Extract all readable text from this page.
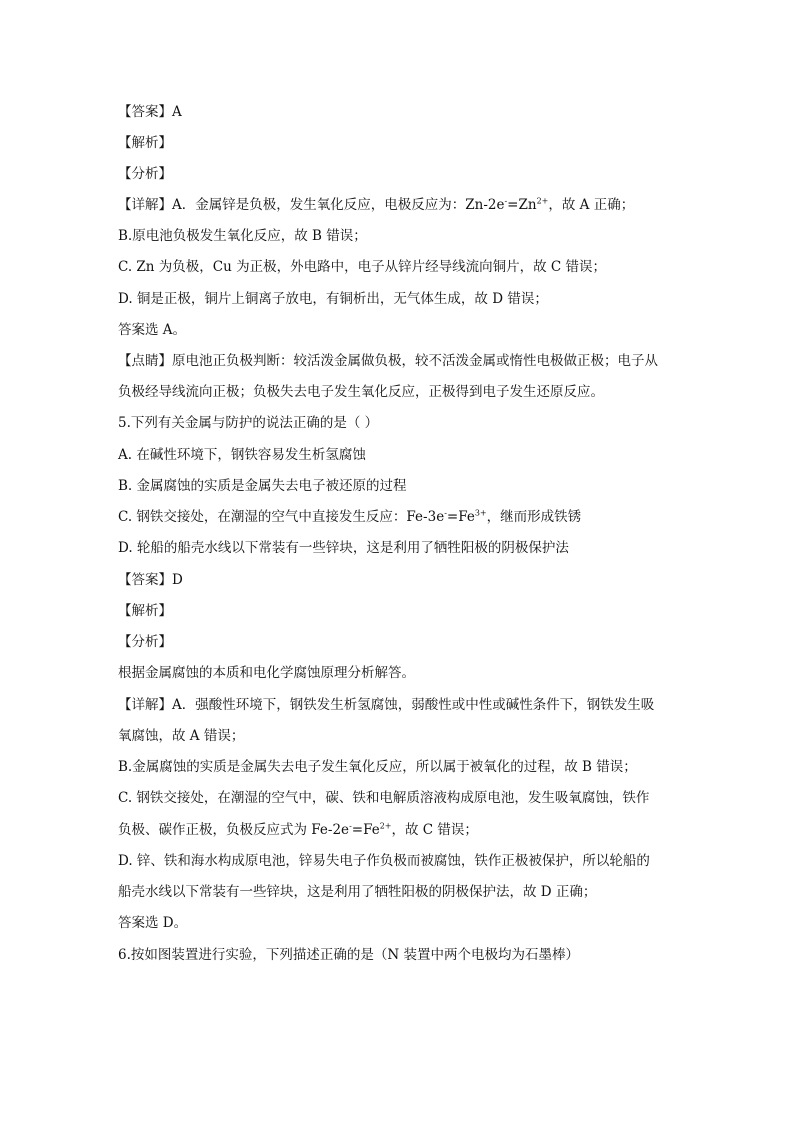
【答案】A
【解析】
【分析】
【详解】A．金属锌是负极，发生氧化反应，电极反应为：$Zn-2e^-=Zn^{2+}$，故 A 正确；
B.原电池负极发生氧化反应，故 B 错误；
C. Zn 为负极，Cu 为正极，外电路中，电子从锌片经导线流向铜片，故 C 错误；
D. 铜是正极，铜片上铜离子放电，有铜析出，无气体生成，故 D 错误；
答案选 A。
【点睛】原电池正负极判断：较活泼金属做负极，较不活泼金属或惰性电极做正极；电子从
负极经导线流向正极；负极失去电子发生氧化反应，正极得到电子发生还原反应。
5.下列有关金属与防护的说法正确的是（ ）
A. 在碱性环境下，钢铁容易发生析氢腐蚀
B. 金属腐蚀的实质是金属失去电子被还原的过程
C. 钢铁交接处，在潮湿的空气中直接发生反应：$Fe-3e^-=Fe^{3+}$，继而形成铁锈
D. 轮船的船壳水线以下常装有一些锌块，这是利用了牺牲阳极的阴极保护法
【答案】D
【解析】
【分析】
根据金属腐蚀的本质和电化学腐蚀原理分析解答。
【详解】A．强酸性环境下，钢铁发生析氢腐蚀，弱酸性或中性或碱性条件下，钢铁发生吸
氧腐蚀，故 A 错误；
B.金属腐蚀的实质是金属失去电子发生氧化反应，所以属于被氧化的过程，故 B 错误；
C. 钢铁交接处，在潮湿的空气中，碳、铁和电解质溶液构成原电池，发生吸氧腐蚀，铁作
负极、碳作正极，负极反应式为 $Fe-2e^-=Fe^{2+}$，故 C 错误；
D. 锌、铁和海水构成原电池，锌易失电子作负极而被腐蚀，铁作正极被保护，所以轮船的
船壳水线以下常装有一些锌块，这是利用了牺牲阳极的阴极保护法，故 D 正确；
答案选 D。
6.按如图装置进行实验，下列描述正确的是（N 装置中两个电极均为石墨棒）
